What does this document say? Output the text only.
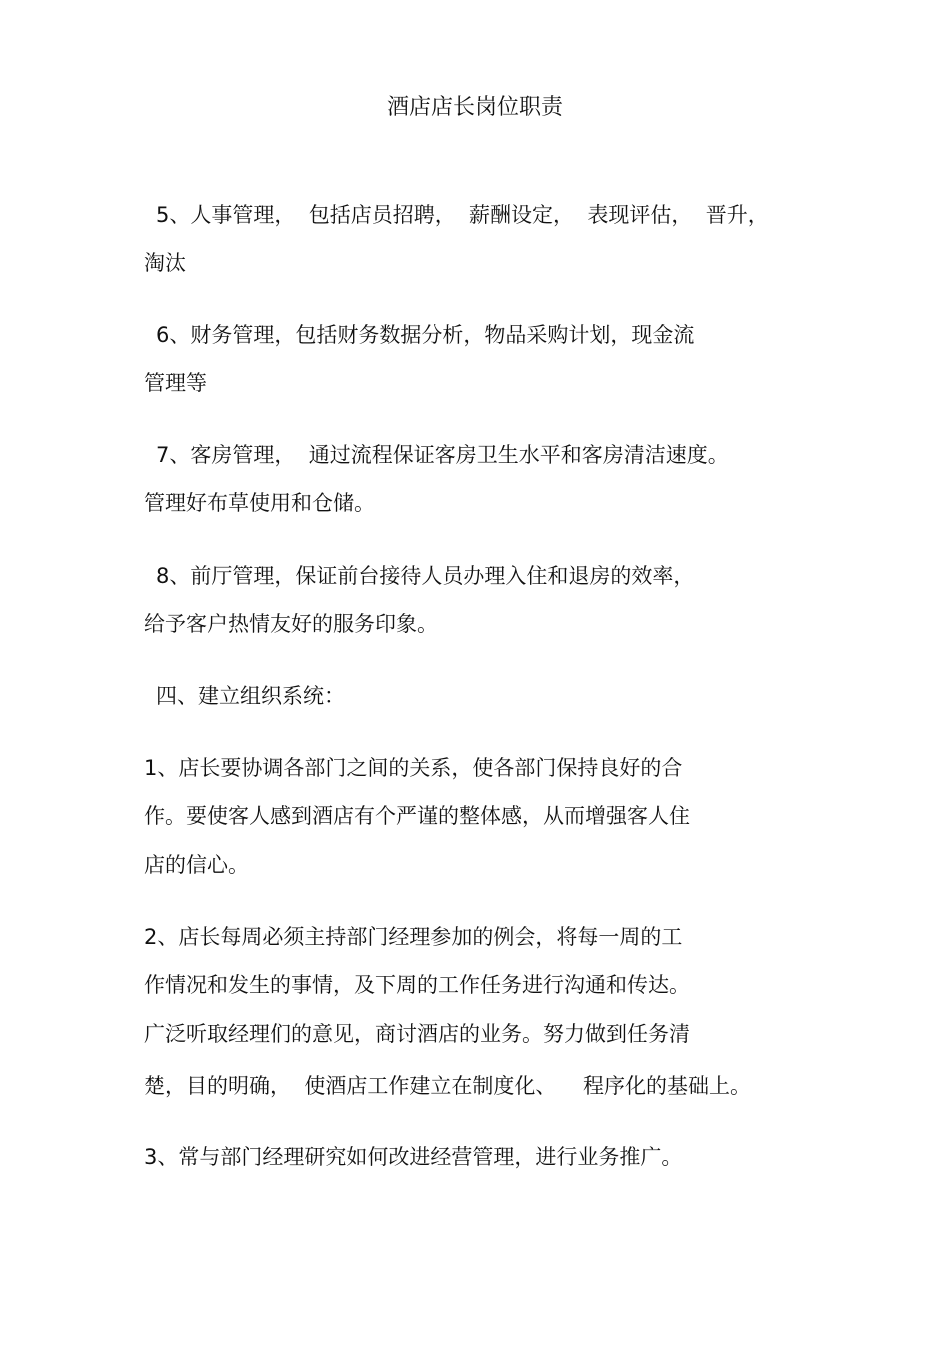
酒店店长岗位职责
5、人事管理，  包括店员招聘，  薪酬设定，  表现评估，  晋升，
淘汰
6、财务管理，包括财务数据分析，物品采购计划，现金流
管理等
7、客房管理，  通过流程保证客房卫生水平和客房清洁速度。
管理好布草使用和仓储。
8、前厅管理，保证前台接待人员办理入住和退房的效率，
给予客户热情友好的服务印象。
四、建立组织系统：
1、店长要协调各部门之间的关系，使各部门保持良好的合
作。要使客人感到酒店有个严谨的整体感，从而增强客人住
店的信心。
2、店长每周必须主持部门经理参加的例会，将每一周的工
作情况和发生的事情，及下周的工作任务进行沟通和传达。
广泛听取经理们的意见，商讨酒店的业务。努力做到任务清
楚，目的明确，  使酒店工作建立在制度化、    程序化的基础上。
3、常与部门经理研究如何改进经营管理，进行业务推广。
